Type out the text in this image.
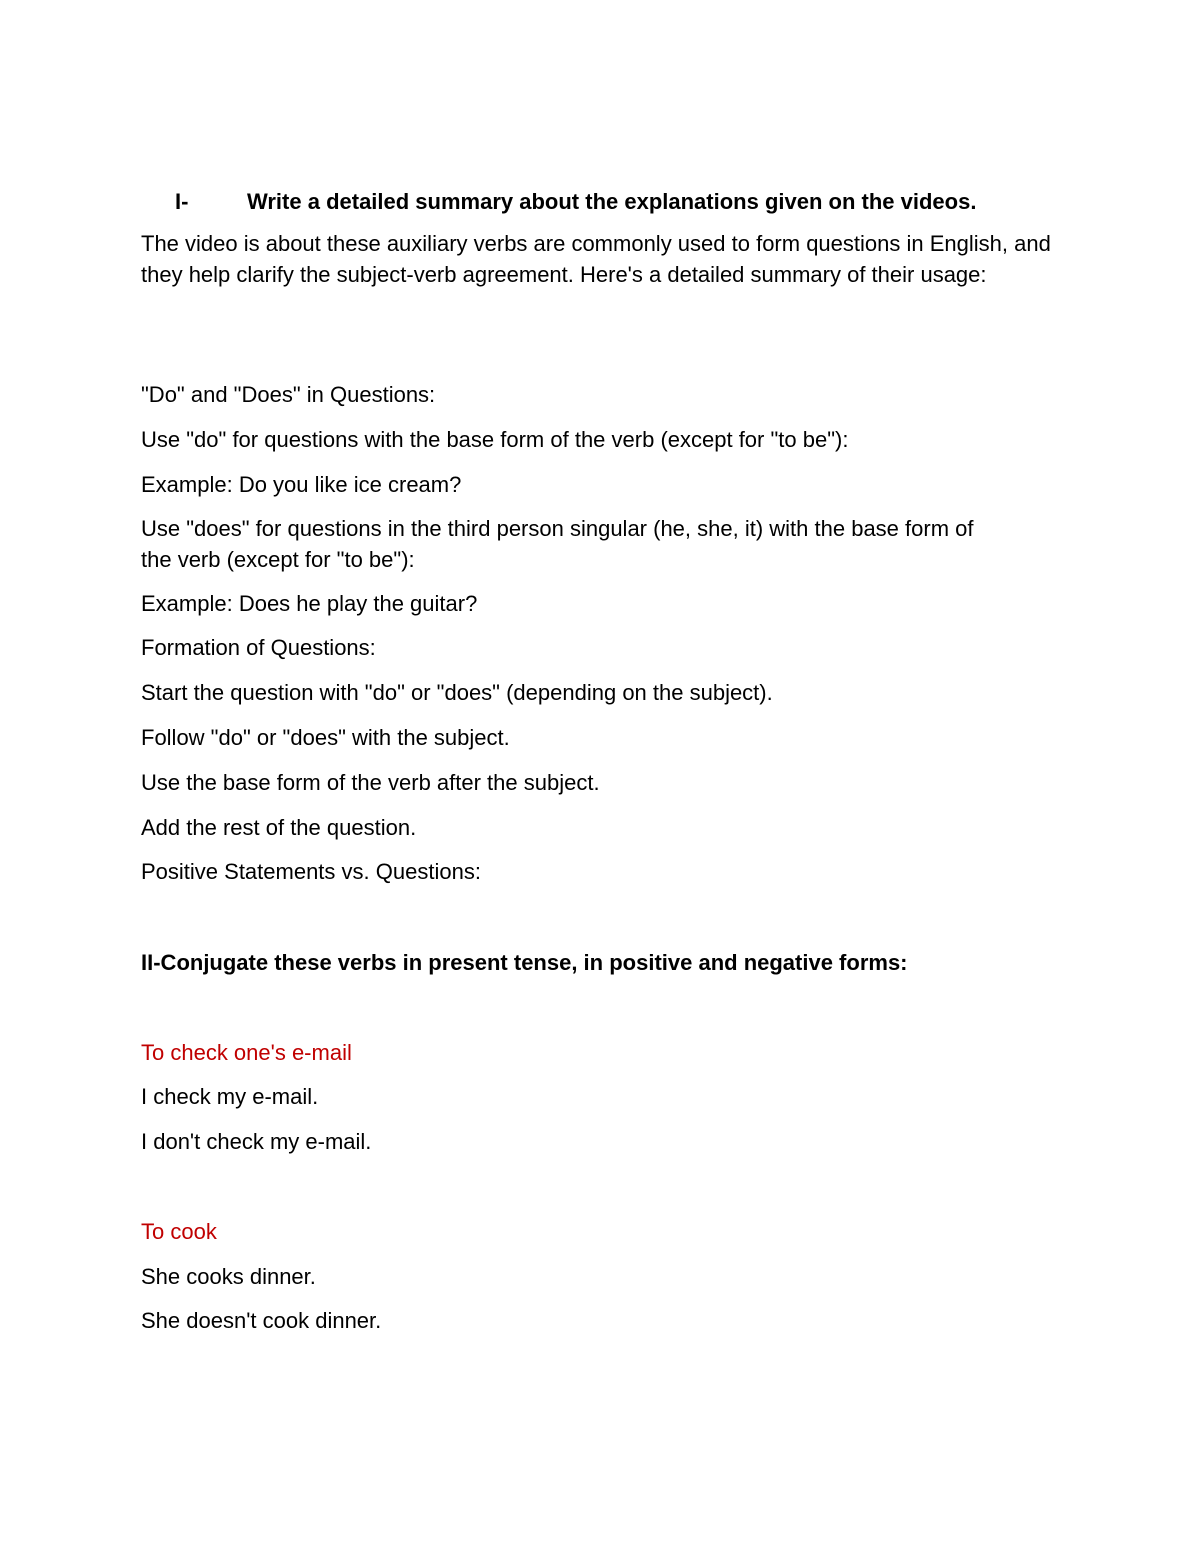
I-	Write a detailed summary about the explanations given on the videos.

The video is about these auxiliary verbs are commonly used to form questions in English, and they help clarify the subject-verb agreement. Here's a detailed summary of their usage:

"Do" and "Does" in Questions:

Use "do" for questions with the base form of the verb (except for "to be"):

Example: Do you like ice cream?

Use "does" for questions in the third person singular (he, she, it) with the base form of

the verb (except for "to be"):

Example: Does he play the guitar?

Formation of Questions:

Start the question with "do" or "does" (depending on the subject).

Follow "do" or "does" with the subject.

Use the base form of the verb after the subject.

Add the rest of the question.

Positive Statements vs. Questions:

II-Conjugate these verbs in present tense, in positive and negative forms:

To check one's e-mail

I check my e-mail.

I don't check my e-mail.

To cook

She cooks dinner.

She doesn't cook dinner.
